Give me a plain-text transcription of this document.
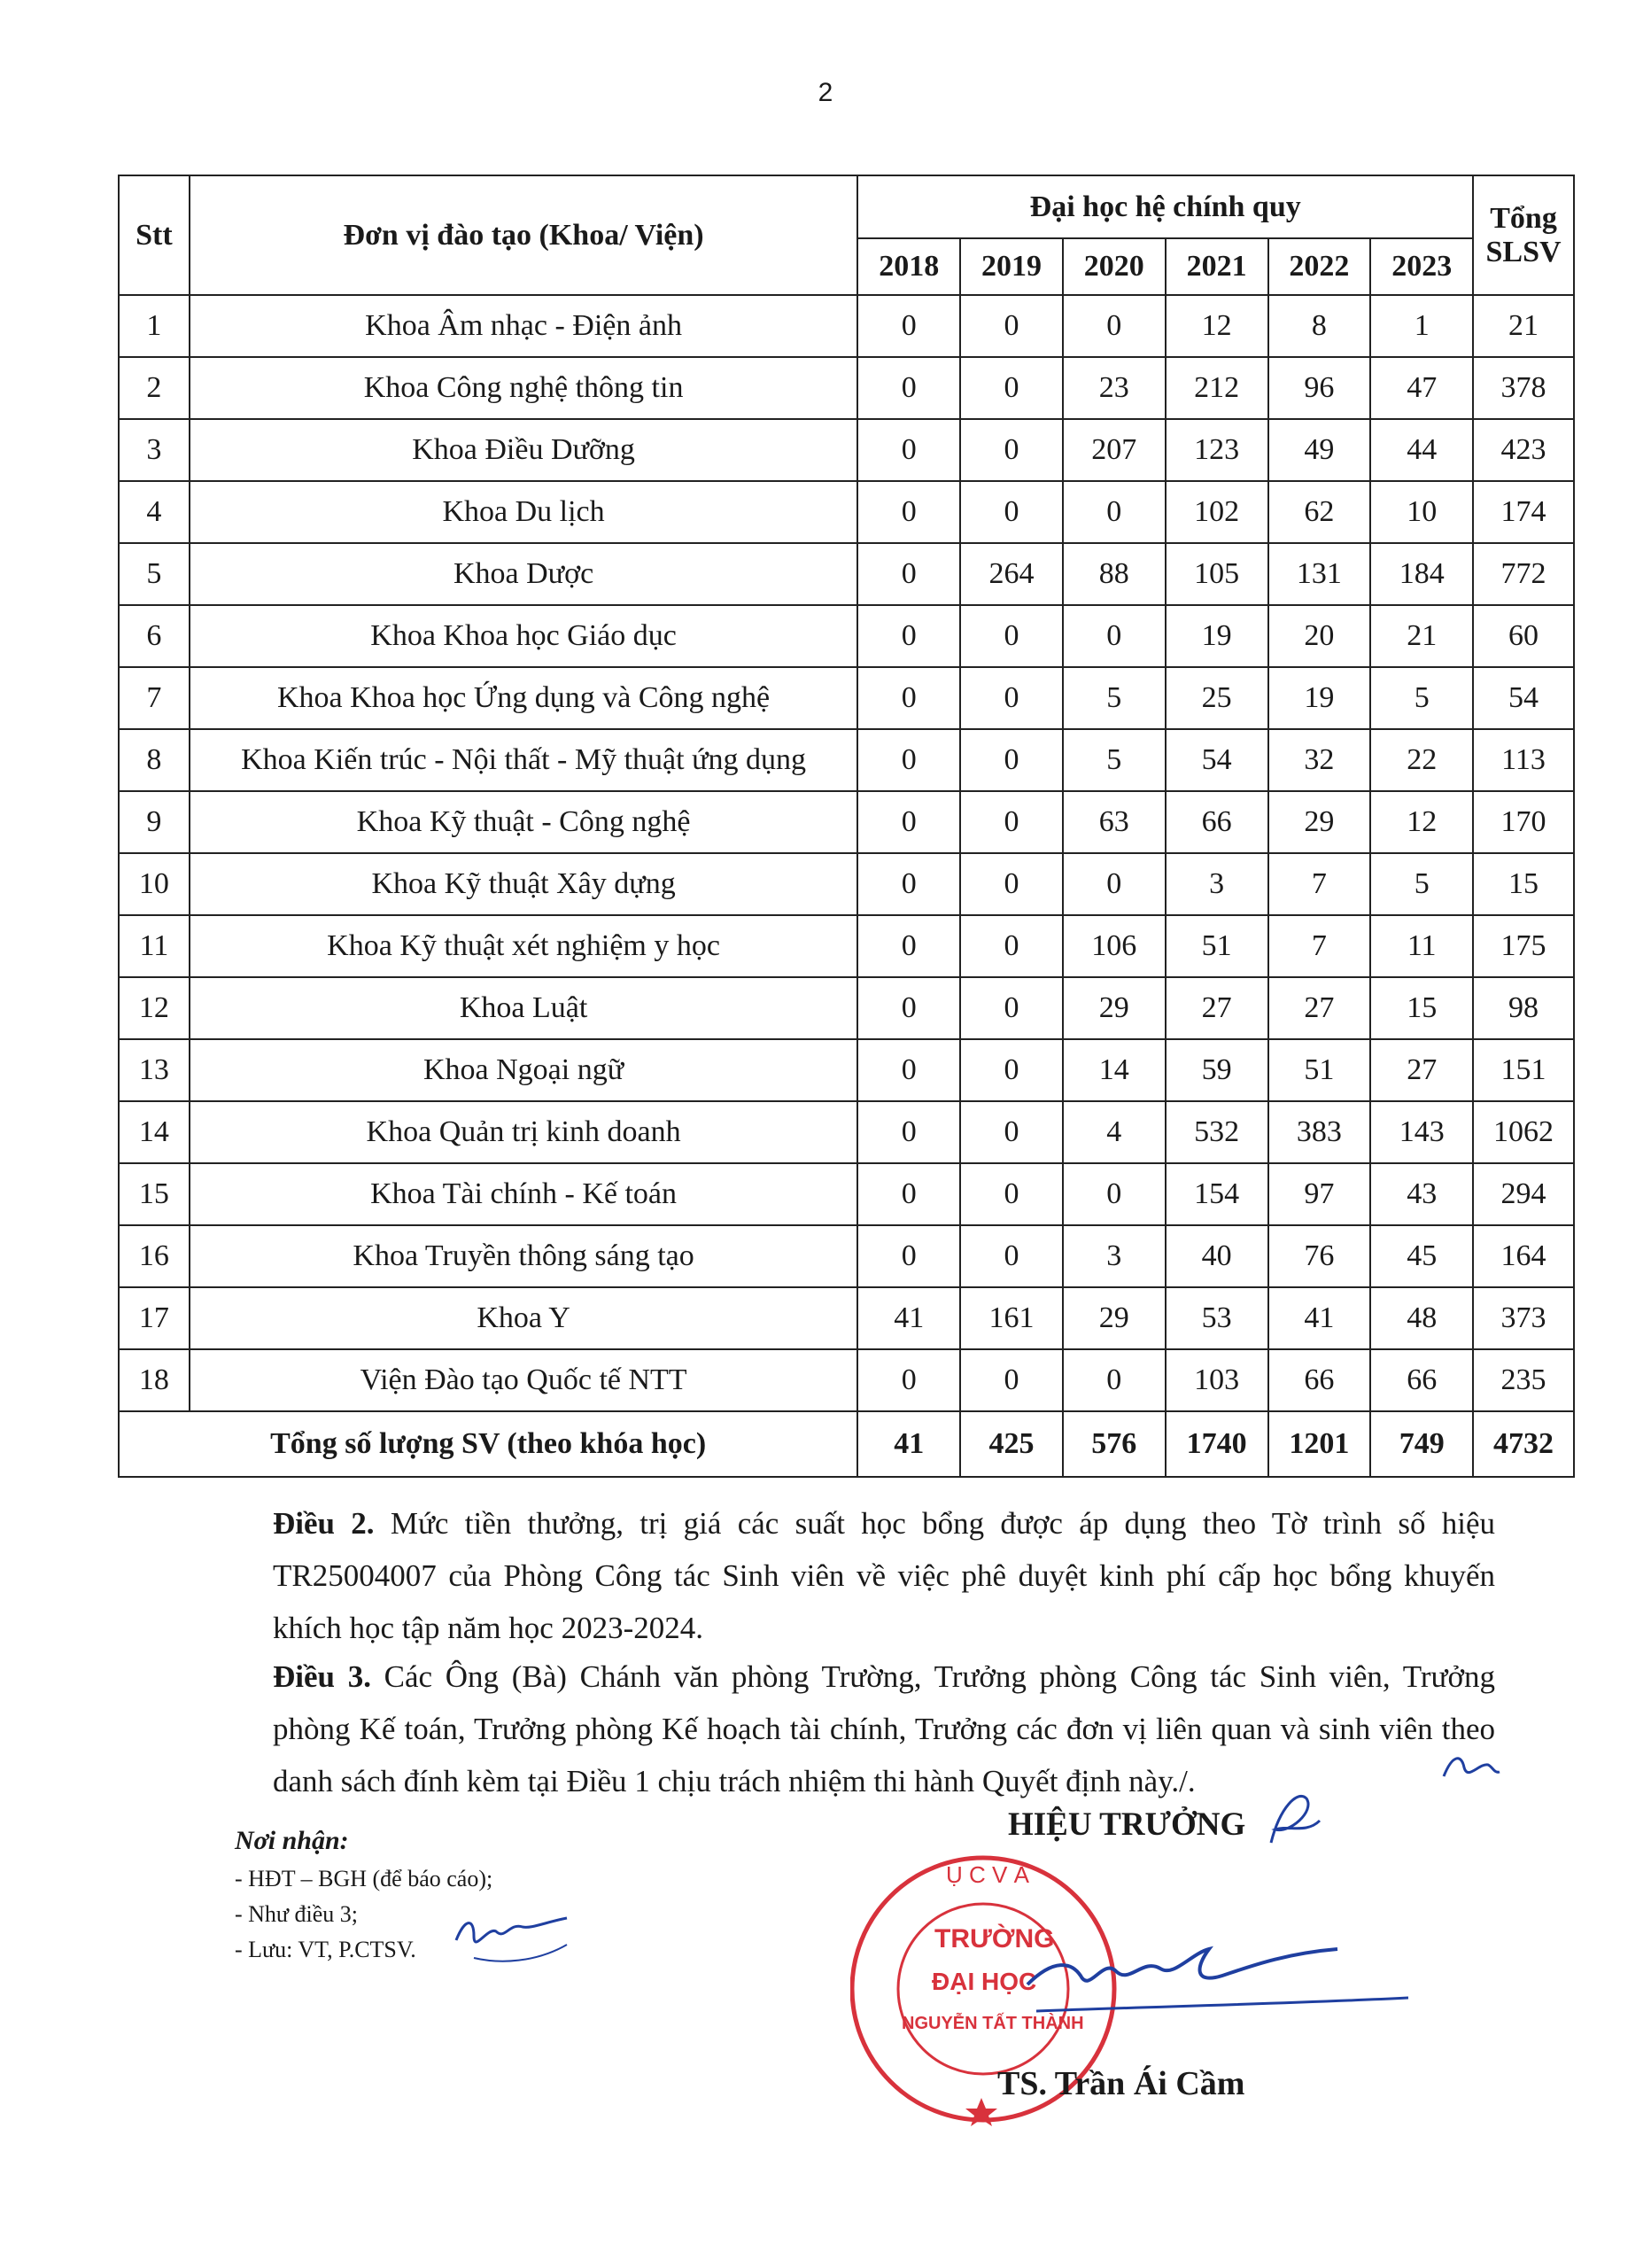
2
Stt	Đơn vị đào tạo (Khoa/ Viện)	Đại học hệ chính quy						Tổng
SLSV
		2018	2019	2020	2021	2022	2023	
1	Khoa Âm nhạc - Điện ảnh	0	0	0	12	8	1	21
2	Khoa Công nghệ thông tin	0	0	23	212	96	47	378
3	Khoa Điều Dưỡng	0	0	207	123	49	44	423
4	Khoa Du lịch	0	0	0	102	62	10	174
5	Khoa Dược	0	264	88	105	131	184	772
6	Khoa Khoa học Giáo dục	0	0	0	19	20	21	60
7	Khoa Khoa học Ứng dụng và Công nghệ	0	0	5	25	19	5	54
8	Khoa Kiến trúc - Nội thất - Mỹ thuật ứng dụng	0	0	5	54	32	22	113
9	Khoa Kỹ thuật - Công nghệ	0	0	63	66	29	12	170
10	Khoa Kỹ thuật Xây dựng	0	0	0	3	7	5	15
11	Khoa Kỹ thuật xét nghiệm y học	0	0	106	51	7	11	175
12	Khoa Luật	0	0	29	27	27	15	98
13	Khoa Ngoại ngữ	0	0	14	59	51	27	151
14	Khoa Quản trị kinh doanh	0	0	4	532	383	143	1062
15	Khoa Tài chính - Kế toán	0	0	0	154	97	43	294
16	Khoa Truyền thông sáng tạo	0	0	3	40	76	45	164
17	Khoa Y	41	161	29	53	41	48	373
18	Viện Đào tạo Quốc tế NTT	0	0	0	103	66	66	235
Tổng số lượng SV (theo khóa học)		41	425	576	1740	1201	749	4732
Điều 2. Mức tiền thưởng, trị giá các suất học bổng được áp dụng theo Tờ trình số hiệu TR25004007 của Phòng Công tác Sinh viên về việc phê duyệt kinh phí cấp học bổng khuyến khích học tập năm học 2023-2024.
Điều 3. Các Ông (Bà) Chánh văn phòng Trường, Trưởng phòng Công tác Sinh viên, Trưởng phòng Kế toán, Trưởng phòng Kế hoạch tài chính, Trưởng các đơn vị liên quan và sinh viên theo danh sách đính kèm tại Điều 1 chịu trách nhiệm thi hành Quyết định này./.
Nơi nhận:
- HĐT – BGH (để báo cáo);
- Như điều 3;
- Lưu: VT, P.CTSV.
Ụ C V À
TRƯỜNG
ĐẠI HỌC
NGUYỄN TẤT THÀNH
HIỆU TRƯỞNG
TS. Trần Ái Cầm
